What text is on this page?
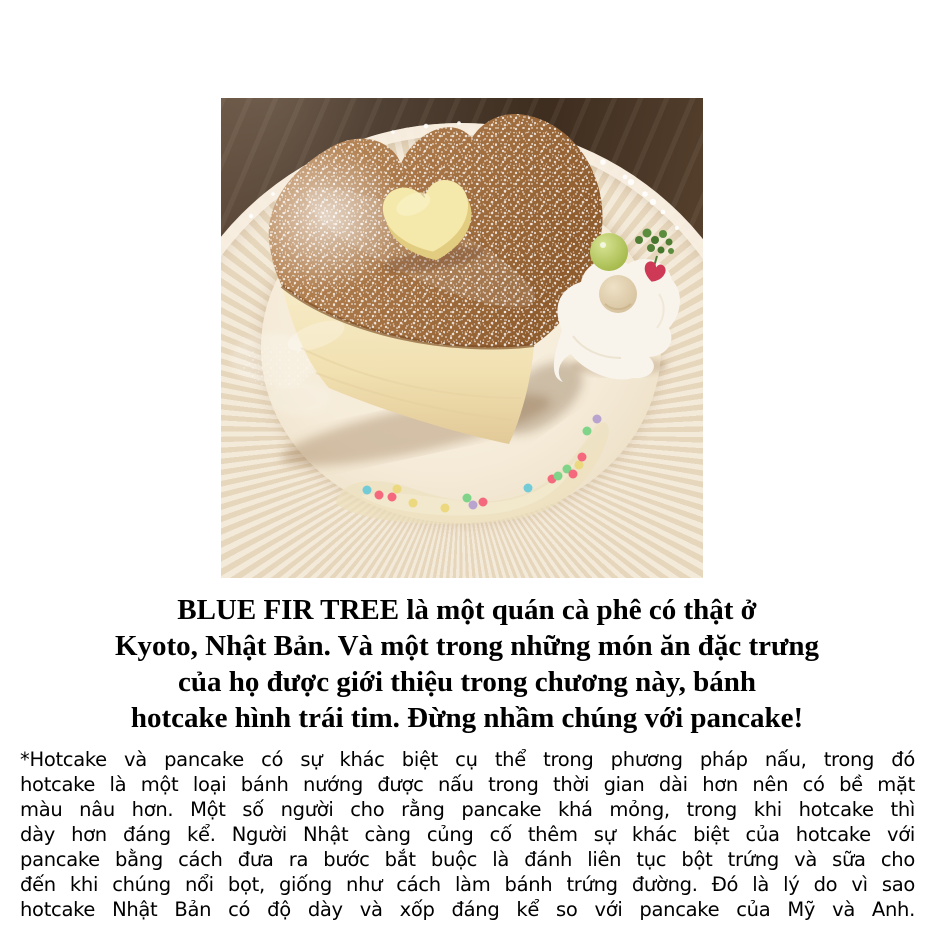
BLUE FIR TREE là một quán cà phê có thật ở
Kyoto, Nhật Bản. Và một trong những món ăn đặc trưng
của họ được giới thiệu trong chương này, bánh
hotcake hình trái tim. Đừng nhầm chúng với pancake!
*Hotcake và pancake có sự khác biệt cụ thể trong phương pháp nấu, trong đó
hotcake là một loại bánh nướng được nấu trong thời gian dài hơn nên có bề mặt
màu nâu hơn. Một số người cho rằng pancake khá mỏng, trong khi hotcake thì
dày hơn đáng kể. Người Nhật càng củng cố thêm sự khác biệt của hotcake với
pancake bằng cách đưa ra bước bắt buộc là đánh liên tục bột trứng và sữa cho
đến khi chúng nổi bọt, giống như cách làm bánh trứng đường. Đó là lý do vì sao
hotcake Nhật Bản có độ dày và xốp đáng kể so với pancake của Mỹ và Anh.
